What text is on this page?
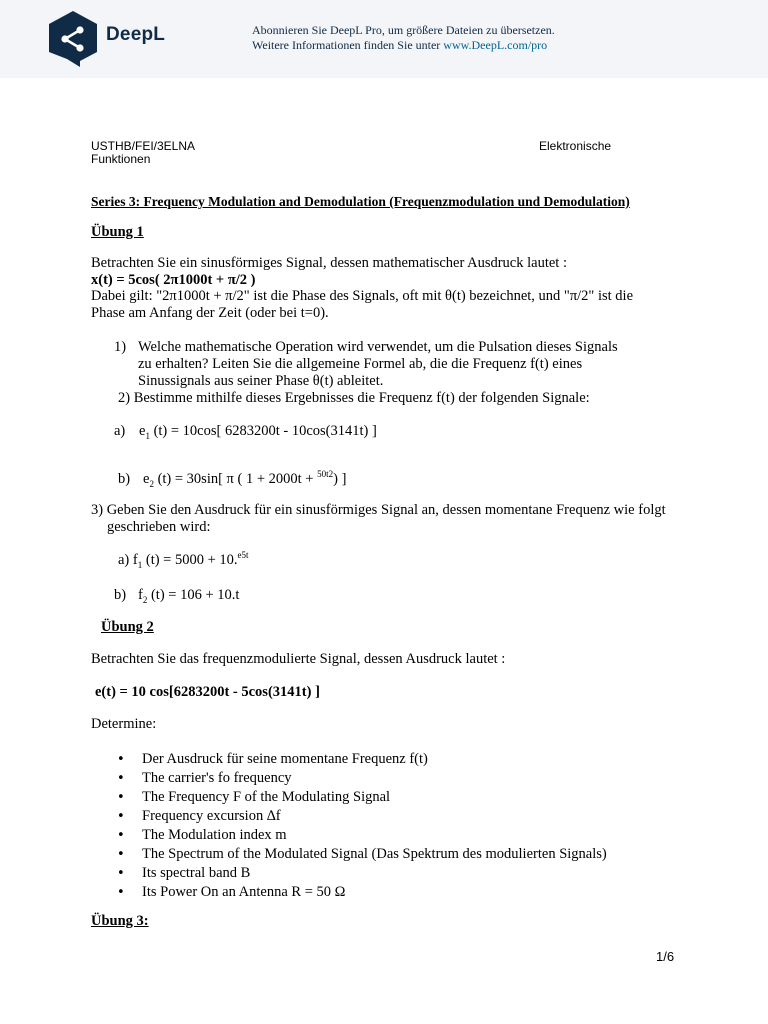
DeepL	Abonnieren Sie DeepL Pro, um größere Dateien zu übersetzen.
Weitere Informationen finden Sie unter www.DeepL.com/pro
USTHB/FEI/3ELNA	Elektronische
Funktionen
Series 3: Frequency Modulation and Demodulation (Frequenzmodulation und Demodulation)
Übung 1
Betrachten Sie ein sinusförmiges Signal, dessen mathematischer Ausdruck lautet :
x(t) = 5cos( 2π1000t + π/2 )
Dabei gilt: "2π1000t + π/2" ist die Phase des Signals, oft mit θ(t) bezeichnet, und "π/2" ist die
Phase am Anfang der Zeit (oder bei t=0).
1) Welche mathematische Operation wird verwendet, um die Pulsation dieses Signals
zu erhalten? Leiten Sie die allgemeine Formel ab, die die Frequenz f(t) eines
Sinussignals aus seiner Phase θ(t) ableitet.
2) Bestimme mithilfe dieses Ergebnisses die Frequenz f(t) der folgenden Signale:
a) $e_1$ (t) = 10cos[ 6283200t - 10cos(3141t) ]
b) $e_2$ (t) = 30sin[ π ( 1 + 2000t + $^{50t2}$) ]
3) Geben Sie den Ausdruck für ein sinusförmiges Signal an, dessen momentane Frequenz wie folgt
geschrieben wird:
a) $f_1$ (t) = 5000 + 10.$^{e5t}$
b) $f_2$ (t) = 106 + 10.t
Übung 2
Betrachten Sie das frequenzmodulierte Signal, dessen Ausdruck lautet :
e(t) = 10 cos[6283200t - 5cos(3141t) ]
Determine:
• Der Ausdruck für seine momentane Frequenz f(t)
• The carrier's fo frequency
• The Frequency F of the Modulating Signal
• Frequency excursion ∆f
• The Modulation index m
• The Spectrum of the Modulated Signal (Das Spektrum des modulierten Signals)
• Its spectral band B
• Its Power On an Antenna R = 50 Ω
Übung 3:
1/6
